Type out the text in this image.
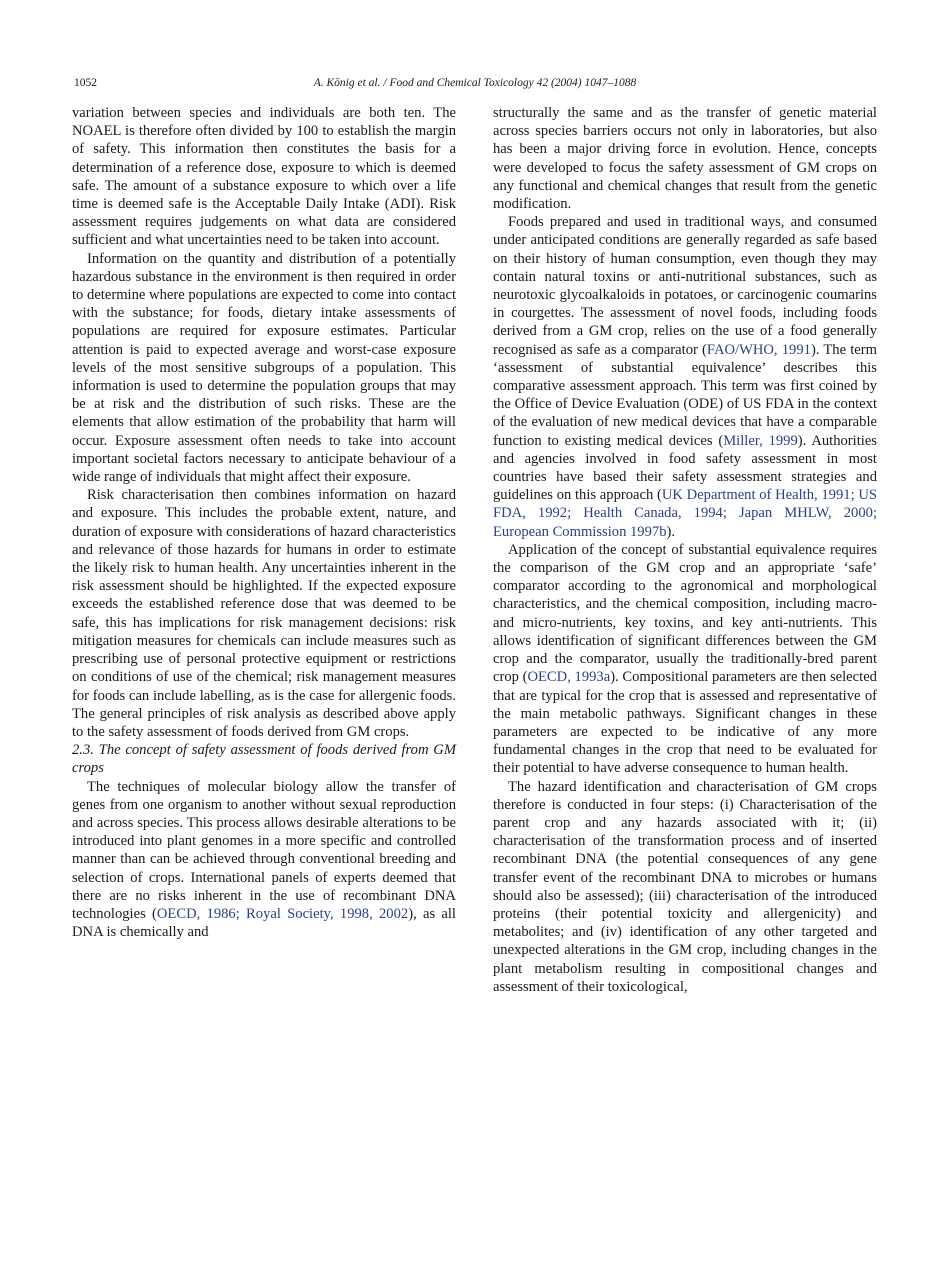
1052	A. Kōnig et al. / Food and Chemical Toxicology 42 (2004) 1047–1088

variation between species and individuals are both ten. The NOAEL is therefore often divided by 100 to establish the margin of safety. This information then constitutes the basis for a determination of a reference dose, exposure to which is deemed safe. The amount of a substance exposure to which over a life time is deemed safe is the Acceptable Daily Intake (ADI). Risk assessment requires judgements on what data are considered sufficient and what uncertainties need to be taken into account.

Information on the quantity and distribution of a potentially hazardous substance in the environment is then required in order to determine where populations are expected to come into contact with the substance; for foods, dietary intake assessments of populations are required for exposure estimates. Particular attention is paid to expected average and worst-case exposure levels of the most sensitive subgroups of a population. This information is used to determine the population groups that may be at risk and the distribution of such risks. These are the elements that allow estimation of the probability that harm will occur. Exposure assessment often needs to take into account important societal factors necessary to anticipate behaviour of a wide range of individuals that might affect their exposure.

Risk characterisation then combines information on hazard and exposure. This includes the probable extent, nature, and duration of exposure with considerations of hazard characteristics and relevance of those hazards for humans in order to estimate the likely risk to human health. Any uncertainties inherent in the risk assessment should be highlighted. If the expected exposure exceeds the established reference dose that was deemed to be safe, this has implications for risk management decisions: risk mitigation measures for chemicals can include measures such as prescribing use of personal protective equipment or restrictions on conditions of use of the chemical; risk management measures for foods can include labelling, as is the case for allergenic foods. The general principles of risk analysis as described above apply to the safety assessment of foods derived from GM crops.

2.3. The concept of safety assessment of foods derived from GM crops

The techniques of molecular biology allow the transfer of genes from one organism to another without sexual reproduction and across species. This process allows desirable alterations to be introduced into plant genomes in a more specific and controlled manner than can be achieved through conventional breeding and selection of crops. International panels of experts deemed that there are no risks inherent in the use of recombinant DNA technologies (OECD, 1986; Royal Society, 1998, 2002), as all DNA is chemically and

structurally the same and as the transfer of genetic material across species barriers occurs not only in laboratories, but also has been a major driving force in evolution. Hence, concepts were developed to focus the safety assessment of GM crops on any functional and chemical changes that result from the genetic modification.

Foods prepared and used in traditional ways, and consumed under anticipated conditions are generally regarded as safe based on their history of human consumption, even though they may contain natural toxins or anti-nutritional substances, such as neurotoxic glycoalkaloids in potatoes, or carcinogenic coumarins in courgettes. The assessment of novel foods, including foods derived from a GM crop, relies on the use of a food generally recognised as safe as a comparator (FAO/WHO, 1991). The term ‘assessment of substantial equivalence’ describes this comparative assessment approach. This term was first coined by the Office of Device Evaluation (ODE) of US FDA in the context of the evaluation of new medical devices that have a comparable function to existing medical devices (Miller, 1999). Authorities and agencies involved in food safety assessment in most countries have based their safety assessment strategies and guidelines on this approach (UK Department of Health, 1991; US FDA, 1992; Health Canada, 1994; Japan MHLW, 2000; European Commission 1997b).

Application of the concept of substantial equivalence requires the comparison of the GM crop and an appropriate ‘safe’ comparator according to the agronomical and morphological characteristics, and the chemical composition, including macro- and micro-nutrients, key toxins, and key anti-nutrients. This allows identification of significant differences between the GM crop and the comparator, usually the traditionally-bred parent crop (OECD, 1993a). Compositional parameters are then selected that are typical for the crop that is assessed and representative of the main metabolic pathways. Significant changes in these parameters are expected to be indicative of any more fundamental changes in the crop that need to be evaluated for their potential to have adverse consequence to human health.

The hazard identification and characterisation of GM crops therefore is conducted in four steps: (i) Characterisation of the parent crop and any hazards associated with it; (ii) characterisation of the transformation process and of inserted recombinant DNA (the potential consequences of any gene transfer event of the recombinant DNA to microbes or humans should also be assessed); (iii) characterisation of the introduced proteins (their potential toxicity and allergenicity) and metabolites; and (iv) identification of any other targeted and unexpected alterations in the GM crop, including changes in the plant metabolism resulting in compositional changes and assessment of their toxicological,
